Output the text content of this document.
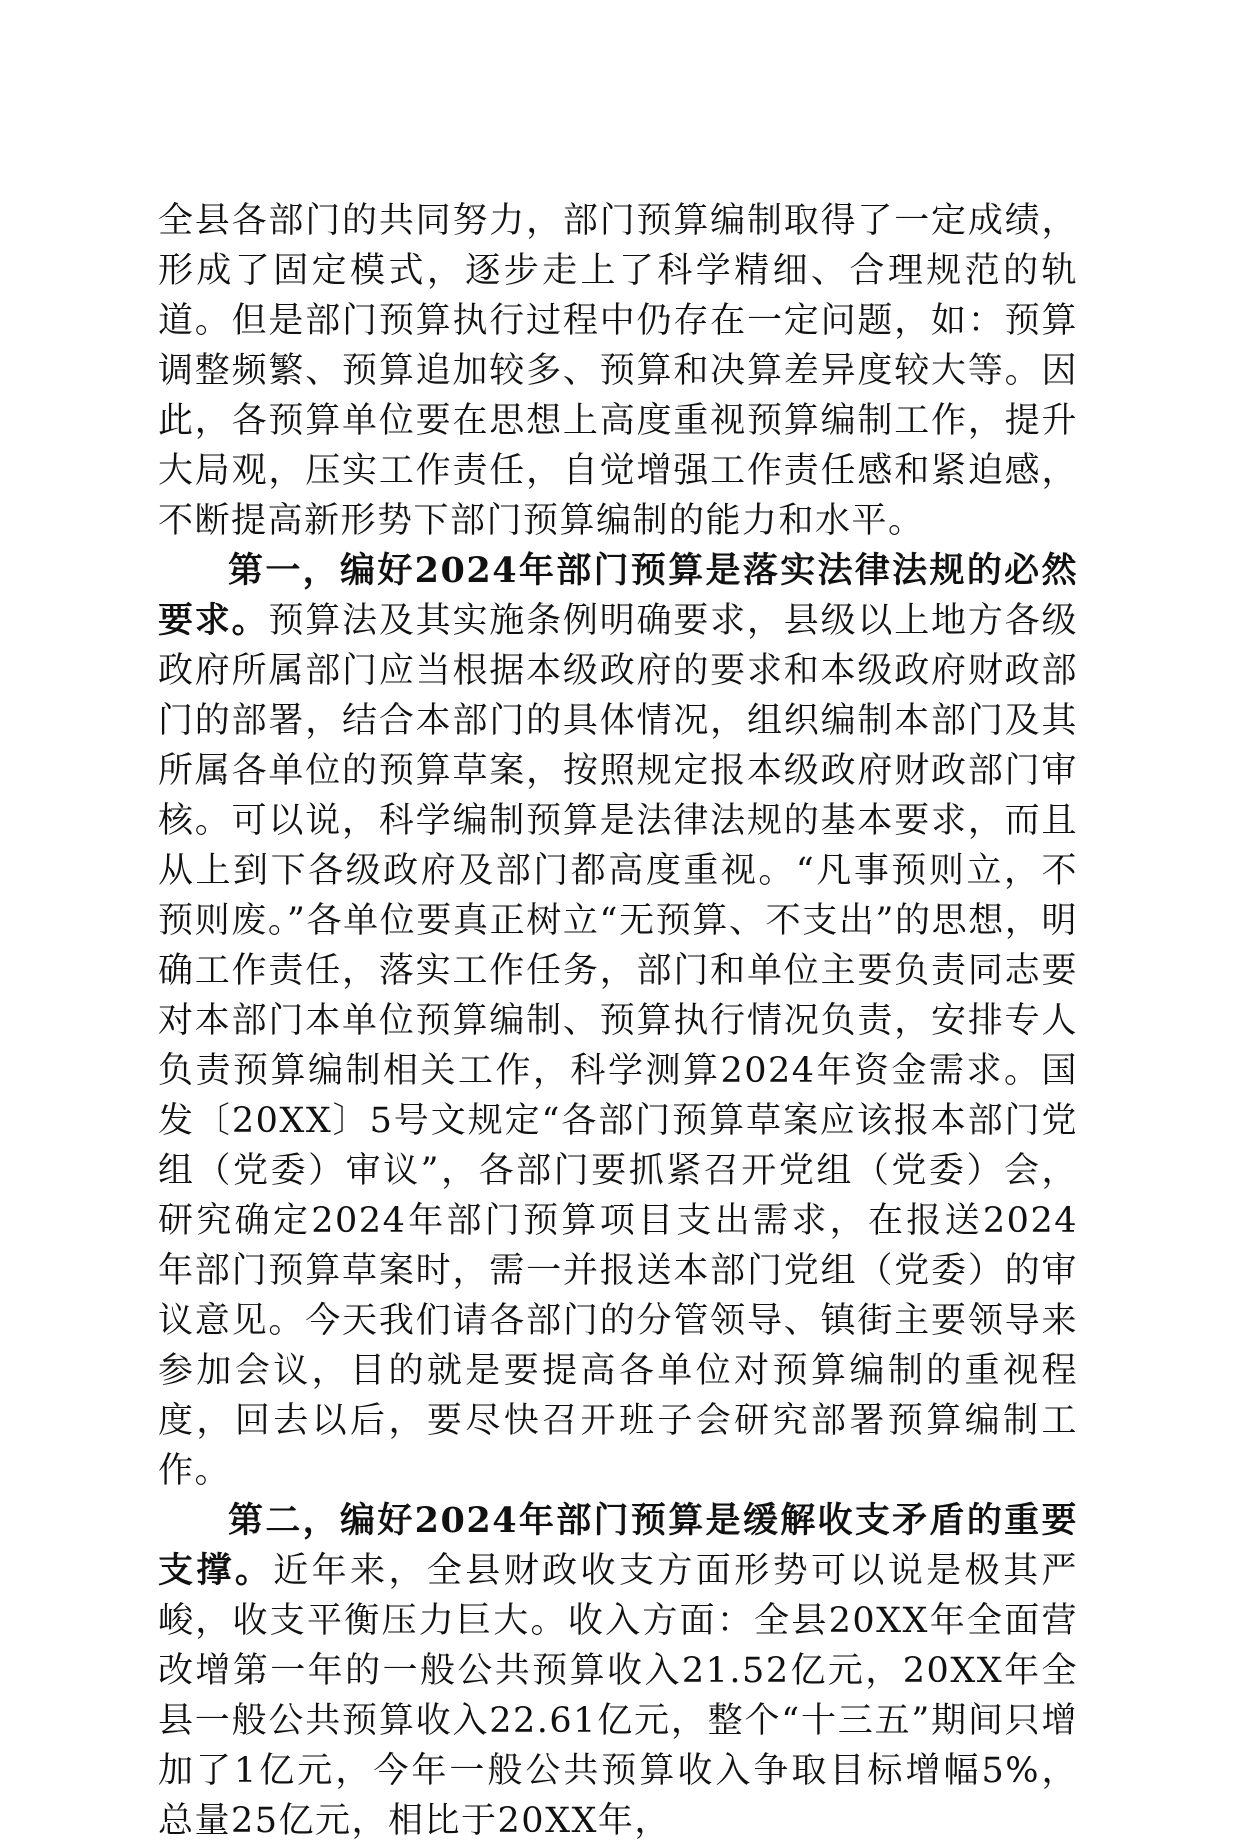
全县各部门的共同努力，部门预算编制取得了一定成绩，形成了固定模式，逐步走上了科学精细、合理规范的轨道。但是部门预算执行过程中仍存在一定问题，如：预算调整频繁、预算追加较多、预算和决算差异度较大等。因此，各预算单位要在思想上高度重视预算编制工作，提升大局观，压实工作责任，自觉增强工作责任感和紧迫感，不断提高新形势下部门预算编制的能力和水平。

第一，编好2024年部门预算是落实法律法规的必然要求。预算法及其实施条例明确要求，县级以上地方各级政府所属部门应当根据本级政府的要求和本级政府财政部门的部署，结合本部门的具体情况，组织编制本部门及其所属各单位的预算草案，按照规定报本级政府财政部门审核。可以说，科学编制预算是法律法规的基本要求，而且从上到下各级政府及部门都高度重视。“凡事预则立，不预则废。”各单位要真正树立“无预算、不支出”的思想，明确工作责任，落实工作任务，部门和单位主要负责同志要对本部门本单位预算编制、预算执行情况负责，安排专人负责预算编制相关工作，科学测算2024年资金需求。国发〔20XX〕5号文规定“各部门预算草案应该报本部门党组（党委）审议”，各部门要抓紧召开党组（党委）会，研究确定2024年部门预算项目支出需求，在报送2024年部门预算草案时，需一并报送本部门党组（党委）的审议意见。今天我们请各部门的分管领导、镇街主要领导来参加会议，目的就是要提高各单位对预算编制的重视程度，回去以后，要尽快召开班子会研究部署预算编制工作。

第二，编好2024年部门预算是缓解收支矛盾的重要支撑。近年来，全县财政收支方面形势可以说是极其严峻，收支平衡压力巨大。收入方面：全县20XX年全面营改增第一年的一般公共预算收入21.52亿元，20XX年全县一般公共预算收入22.61亿元，整个“十三五”期间只增加了1亿元，今年一般公共预算收入争取目标增幅5%，总量25亿元，相比于20XX年，
